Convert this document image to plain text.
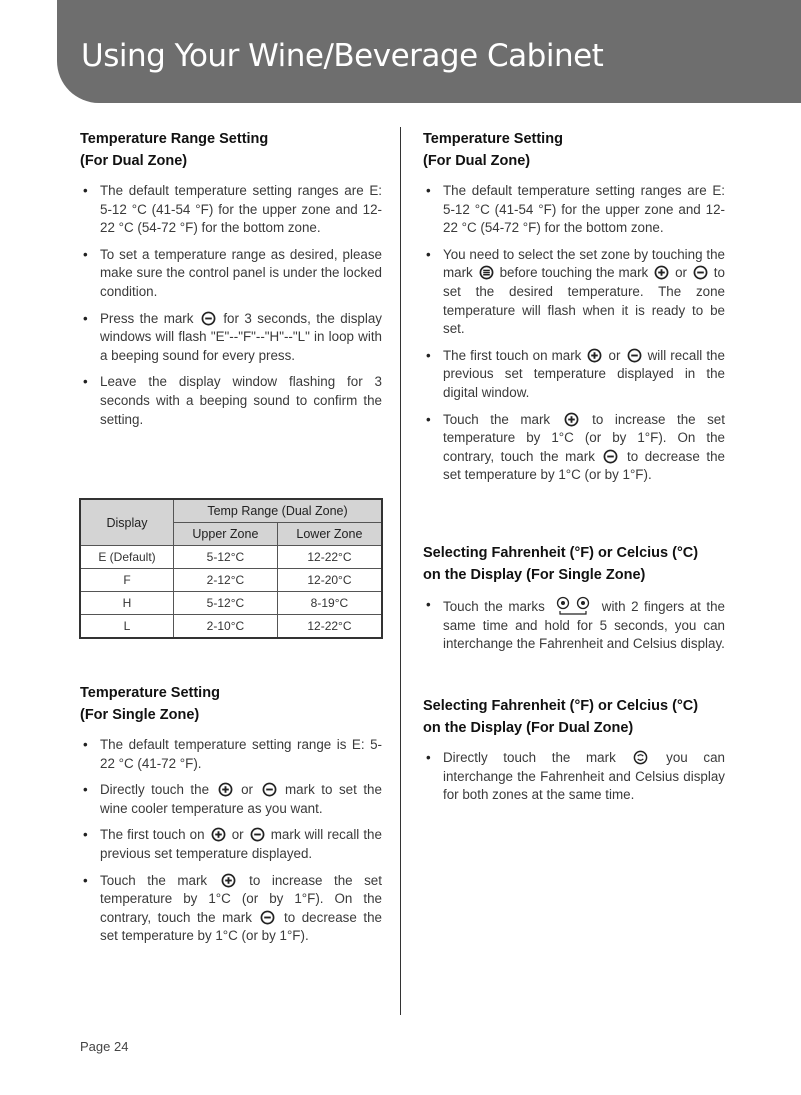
Using Your Wine/Beverage Cabinet

Temperature Range Setting

(For Dual Zone)

• The default temperature setting ranges are E: 5-12 °C (41-54 °F) for the upper zone and 12-22 °C (54-72 °F) for the bottom zone.
• To set a temperature range as desired, please make sure the control panel is under the locked condition.
• Press the mark for 3 seconds, the display windows will flash "E"--"F"--"H"--"L" in loop with a beeping sound for every press.
• Leave the display window flashing for 3 seconds with a beeping sound to confirm the setting.
Display	Temp Range (Dual Zone)	
	Upper Zone	Lower Zone
E (Default)	5-12°C	12-22°C
F	2-12°C	12-20°C
H	5-12°C	8-19°C
L	2-10°C	12-22°C

Temperature Setting

(For Single Zone)

• The default temperature setting range is E: 5-22 °C (41-72 °F).
• Directly touch the or mark to set the wine cooler temperature as you want.
• The first touch on or mark will recall the previous set temperature displayed.
• Touch the mark	to increase the set temperature by 1°C (or by 1°F). On the contrary, touch the mark to decrease the set temperature by 1°C (or by 1°F).

Temperature Setting

(For Dual Zone)

• The default temperature setting ranges are E: 5-12 °C (41-54 °F) for the upper zone and 12-22 °C (54-72 °F) for the bottom zone.
• You need to select the set zone by touching the mark before touching the mark or to set the desired temperature. The zone temperature will flash when it is ready to be set.
• The first touch on mark or will recall the previous set temperature displayed in the digital window.
• Touch the mark	to increase the set temperature by 1°C (or by 1°F). On the contrary, touch the mark to decrease the set temperature by 1°C (or by 1°F).

Selecting Fahrenheit (°F) or Celcius (°C)

on the Display (For Single Zone)

• Touch the marks	with 2 fingers at the same time and hold for 5 seconds, you can interchange the Fahrenheit and Celsius display.

Selecting Fahrenheit (°F) or Celcius (°C)

on the Display (For Dual Zone)

• Directly touch the mark	you can interchange the Fahrenheit and Celsius display for both zones at the same time.
Page 24
